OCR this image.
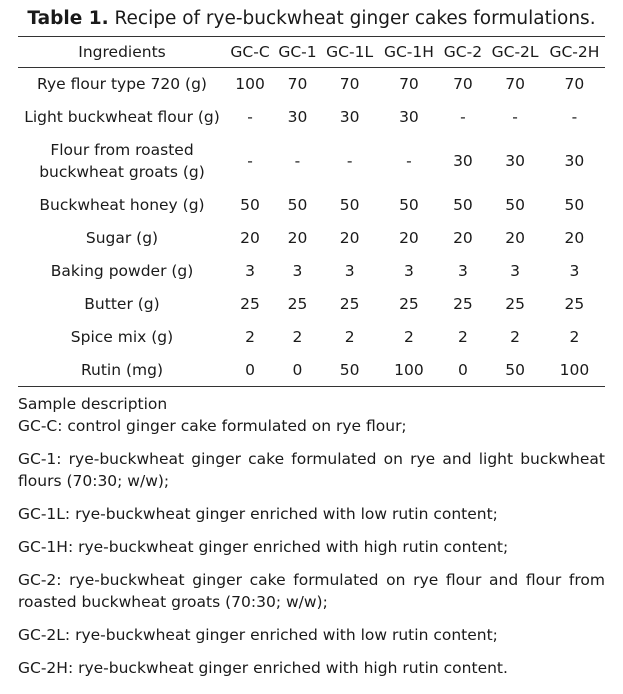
Table 1. Recipe of rye-buckwheat ginger cakes formulations.
Ingredients	GC-C	GC-1	GC-1L	GC-1H	GC-2	GC-2L	GC-2H
Rye flour type 720 (g)	100	70	70	70	70	70	70
Light buckwheat flour (g)	-	30	30	30	-	-	-
Flour from roasted
buckwheat groats (g)	-	-	-	-	30	30	30
Buckwheat honey (g)	50	50	50	50	50	50	50
Sugar (g)	20	20	20	20	20	20	20
Baking powder (g)	3	3	3	3	3	3	3
Butter (g)	25	25	25	25	25	25	25
Spice mix (g)	2	2	2	2	2	2	2
Rutin (mg)	0	0	50	100	0	50	100

Sample description

GC-C: control ginger cake formulated on rye flour;

GC-1: rye-buckwheat ginger cake formulated on rye and light buckwheat flours (70:30; w/w);

GC-1L: rye-buckwheat ginger enriched with low rutin content;

GC-1H: rye-buckwheat ginger enriched with high rutin content;

GC-2: rye-buckwheat ginger cake formulated on rye flour and flour from roasted buckwheat groats (70:30; w/w);

GC-2L: rye-buckwheat ginger enriched with low rutin content;

GC-2H: rye-buckwheat ginger enriched with high rutin content.
